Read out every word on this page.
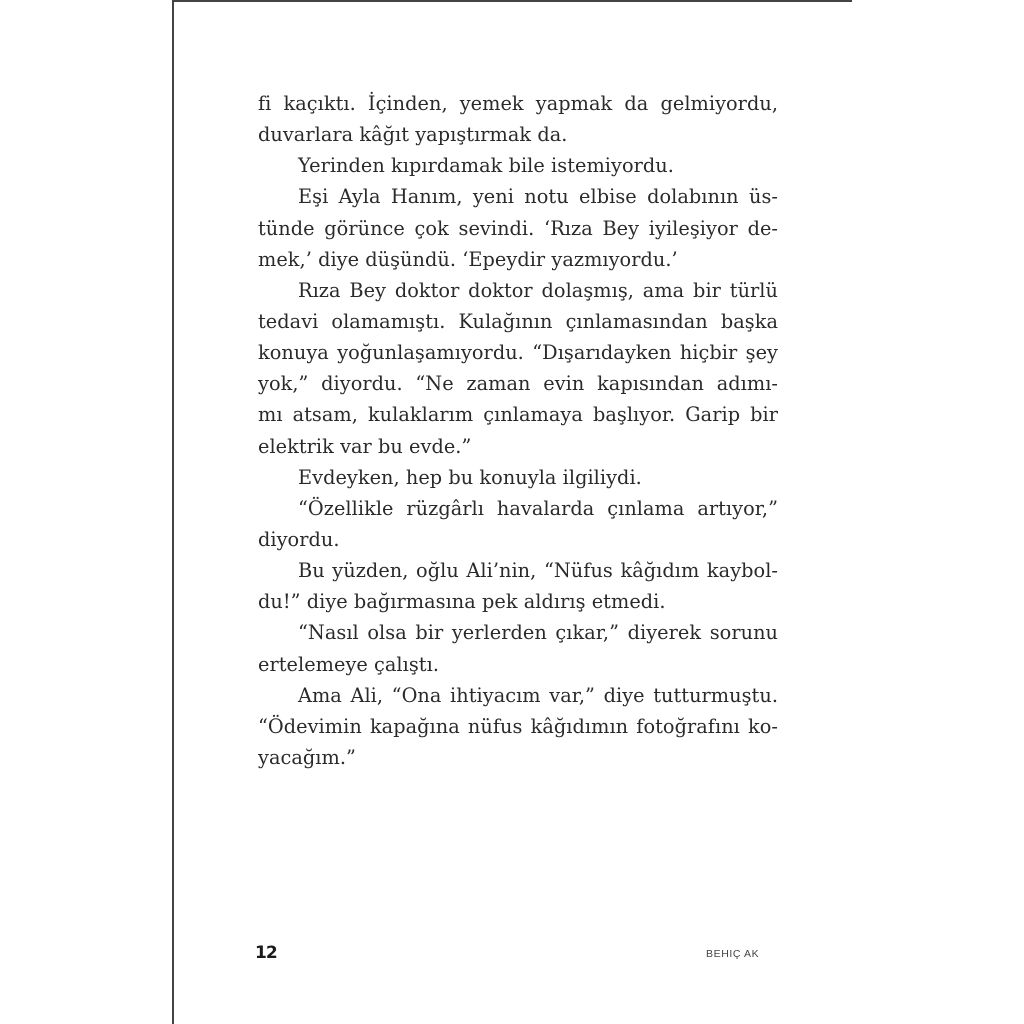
fi kaçıktı. İçinden, yemek yapmak da gelmiyordu,
duvarlara kâğıt yapıştırmak da.
Yerinden kıpırdamak bile istemiyordu.
Eşi Ayla Hanım, yeni notu elbise dolabının üs-
tünde görünce çok sevindi. ‘Rıza Bey iyileşiyor de-
mek,’ diye düşündü. ‘Epeydir yazmıyordu.’
Rıza Bey doktor doktor dolaşmış, ama bir türlü
tedavi olamamıştı. Kulağının çınlamasından başka
konuya yoğunlaşamıyordu. “Dışarıdayken hiçbir şey
yok,” diyordu. “Ne zaman evin kapısından adımı-
mı atsam, kulaklarım çınlamaya başlıyor. Garip bir
elektrik var bu evde.”
Evdeyken, hep bu konuyla ilgiliydi.
“Özellikle rüzgârlı havalarda çınlama artıyor,”
diyordu.
Bu yüzden, oğlu Ali’nin, “Nüfus kâğıdım kaybol-
du!” diye bağırmasına pek aldırış etmedi.
“Nasıl olsa bir yerlerden çıkar,” diyerek sorunu
ertelemeye çalıştı.
Ama Ali, “Ona ihtiyacım var,” diye tutturmuştu.
“Ödevimin kapağına nüfus kâğıdımın fotoğrafını ko-
yacağım.”
12	BEHIÇ AK
